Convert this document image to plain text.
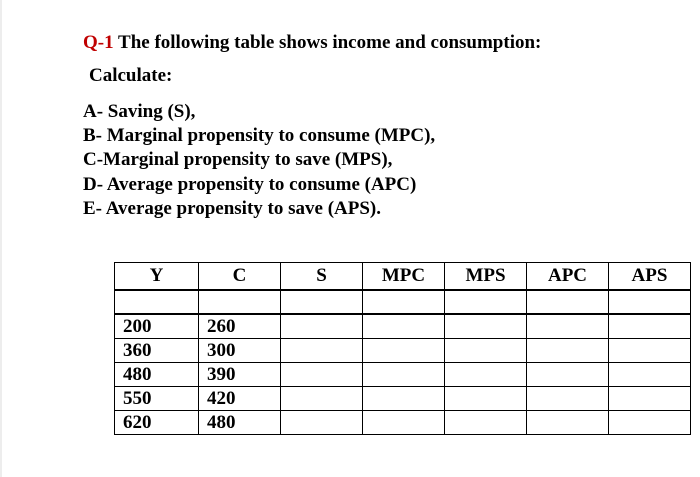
Q-1 The following table shows income and consumption:
Calculate:
A- Saving (S),
B- Marginal propensity to consume (MPC),
C-Marginal propensity to save (MPS),
D- Average propensity to consume (APC)
E- Average propensity to save (APS).
Y	C	S	MPC	MPS	APC	APS

200	260					
360	300					
480	390					
550	420					
620	480					
